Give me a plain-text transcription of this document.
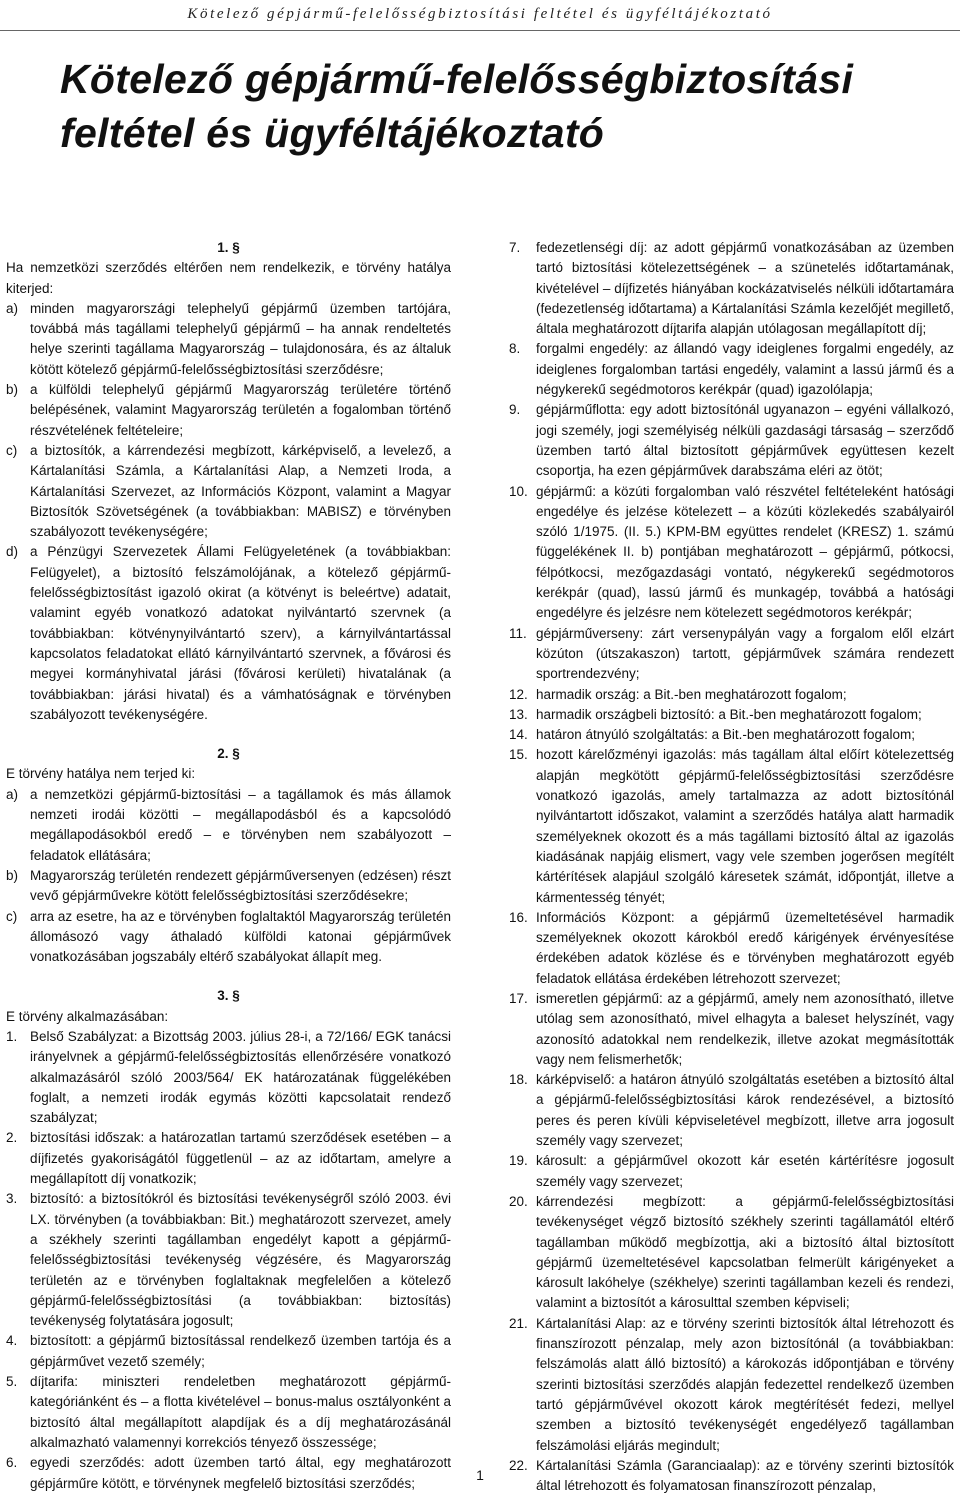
Kötelező gépjármű-felelősségbiztosítási feltétel és ügyféltájékoztató
Kötelező gépjármű-felelősségbiztosítási
feltétel és ügyféltájékoztató

1. §

Ha nemzetközi szerződés eltérően nem rendelkezik, e törvény hatálya kiterjed:

a) minden magyarországi telephelyű gépjármű üzemben tartójára, továbbá más tagállami telephelyű gépjármű – ha annak rendeltetés helye szerinti tagállama Magyarország – tulajdonosára, és az általuk kötött kötelező gépjármű-felelősségbiztosítási szerződésre;
b) a külföldi telephelyű gépjármű Magyarország területére történő belépésének, valamint Magyarország területén a fogalomban történő részvételének feltételeire;
c) a biztosítók, a kárrendezési megbízott, kárképviselő, a levelező, a Kártalanítási Számla, a Kártalanítási Alap, a Nemzeti Iroda, a Kártalanítási Szervezet, az Információs Központ, valamint a Magyar Biztosítók Szövetségének (a továbbiakban: MABISZ) e törvényben szabályozott tevékenységére;
d) a Pénzügyi Szervezetek Állami Felügyeletének (a továbbiakban: Felügyelet), a biztosító felszámolójának, a kötelező gépjármű-felelősségbiztosítást igazoló okirat (a kötvényt is beleértve) adatait, valamint egyéb vonatkozó adatokat nyilvántartó szervnek (a továbbiakban: kötvénynyilvántartó szerv), a kárnyilvántartással kapcsolatos feladatokat ellátó kárnyilvántartó szervnek, a fővárosi és megyei kormányhivatal járási (fővárosi kerületi) hivatalának (a továbbiakban: járási hivatal) és a vámhatóságnak e törvényben szabályozott tevékenységére.

2. §

E törvény hatálya nem terjed ki:

a) a nemzetközi gépjármű-biztosítási – a tagállamok és más államok nemzeti irodái közötti – megállapodásból és a kapcsolódó megállapodásokból eredő – e törvényben nem szabályozott – feladatok ellátására;
b) Magyarország területén rendezett gépjárműversenyen (edzésen) részt vevő gépjárművekre kötött felelősségbiztosítási szerződésekre;
c) arra az esetre, ha az e törvényben foglaltaktól Magyarország területén állomásozó vagy áthaladó külföldi katonai gépjárművek vonatkozásában jogszabály eltérő szabályokat állapít meg.

3. §

E törvény alkalmazásában:

1. Belső Szabályzat: a Bizottság 2003. július 28-i, a 72/166/ EGK tanácsi irányelvnek a gépjármű-felelősségbiztosítás ellenőrzésére vonatkozó alkalmazásáról szóló 2003/564/ EK határozatának függelékében foglalt, a nemzeti irodák egymás közötti kapcsolatait rendező szabályzat;
2. biztosítási időszak: a határozatlan tartamú szerződések esetében – a díjfizetés gyakoriságától függetlenül – az az időtartam, amelyre a megállapított díj vonatkozik;
3. biztosító: a biztosítókról és biztosítási tevékenységről szóló 2003. évi LX. törvényben (a továbbiakban: Bit.) meghatározott szervezet, amely a székhely szerinti tagállamban engedélyt kapott a gépjármű-felelősségbiztosítási tevékenység végzésére, és Magyarország területén az e törvényben foglaltaknak megfelelően a kötelező gépjármű-felelősségbiztosítási (a továbbiakban: biztosítás) tevékenység folytatására jogosult;
4. biztosított: a gépjármű biztosítással rendelkező üzemben tartója és a gépjárművet vezető személy;
5. díjtarifa: miniszteri rendeletben meghatározott gépjármű-kategóriánként és – a flotta kivételével – bonus-malus osztályonként a biztosító által megállapított alapdíjak és a díj meghatározásánál alkalmazható valamennyi korrekciós tényező összessége;
6. egyedi szerződés: adott üzemben tartó által, egy meghatározott gépjárműre kötött, e törvénynek megfelelő biztosítási szerződés;
7.	fedezetlenségi díj: az adott gépjármű vonatkozásában az üzemben tartó biztosítási kötelezettségének – a szünetelés időtartamának, kivételével – díjfizetés hiányában kockázatviselés nélküli időtartamára (fedezetlenség időtartama) a Kártalanítási Számla kezelőjét megillető, általa meghatározott díjtarifa alapján utólagosan megállapított díj;
8.	forgalmi engedély: az állandó vagy ideiglenes forgalmi engedély, az ideiglenes forgalomban tartási engedély, valamint a lassú jármű és a négykerekű segédmotoros kerékpár (quad) igazolólapja;
9.	gépjárműflotta: egy adott biztosítónál ugyanazon – egyéni vállalkozó, jogi személy, jogi személyiség nélküli gazdasági társaság – szerződő üzemben tartó által biztosított gépjárművek együttesen kezelt csoportja, ha ezen gépjárművek darabszáma eléri az ötöt;
10. gépjármű: a közúti forgalomban való részvétel feltételeként hatósági engedélye és jelzése kötelezett – a közúti közlekedés szabályairól szóló 1/1975. (II. 5.) KPM-BM együttes rendelet (KRESZ) 1. számú függelékének II. b) pontjában meghatározott – gépjármű, pótkocsi, félpótkocsi, mezőgazdasági vontató, négykerekű segédmotoros kerékpár (quad), lassú jármű és munkagép, továbbá a hatósági engedélyre és jelzésre nem kötelezett segédmotoros kerékpár;
11. gépjárműverseny: zárt versenypályán vagy a forgalom elől elzárt közúton (útszakaszon) tartott, gépjárművek számára rendezett sportrendezvény;
12. harmadik ország: a Bit.-ben meghatározott fogalom;
13. harmadik országbeli biztosító: a Bit.-ben meghatározott fogalom;
14. határon átnyúló szolgáltatás: a Bit.-ben meghatározott fogalom;
15. hozott kárelőzményi igazolás: más tagállam által előírt kötelezettség alapján megkötött gépjármű-felelősségbiztosítási szerződésre vonatkozó igazolás, amely tartalmazza az adott biztosítónál nyilvántartott időszakot, valamint a szerződés hatálya alatt harmadik személyeknek okozott és a más tagállami biztosító által az igazolás kiadásának napjáig elismert, vagy vele szemben jogerősen megítélt kártérítések alapjául szolgáló káresetek számát, időpontját, illetve a kármentesség tényét;
16. Információs Központ: a gépjármű üzemeltetésével harmadik személyeknek okozott károkból eredő kárigények érvényesítése érdekében adatok közlése és e törvényben meghatározott egyéb feladatok ellátása érdekében létrehozott szervezet;
17. ismeretlen gépjármű: az a gépjármű, amely nem azonosítható, illetve utólag sem azonosítható, mivel elhagyta a baleset helyszínét, vagy azonosító adatokkal nem rendelkezik, illetve azokat megmásították vagy nem felismerhetők;
18. kárképviselő: a határon átnyúló szolgáltatás esetében a biztosító által a gépjármű-felelősségbiztosítási károk rendezésével, a biztosító peres és peren kívüli képviseletével megbízott, illetve arra jogosult személy vagy szervezet;
19. károsult: a gépjárművel okozott kár esetén kártérítésre jogosult személy vagy szervezet;
20. kárrendezési megbízott: a gépjármű-felelősségbiztosítási tevékenységet végző biztosító székhely szerinti tagállamától eltérő tagállamban működő megbízottja, aki a biztosító által biztosított gépjármű üzemeltetésével kapcsolatban felmerült kárigényeket a károsult lakóhelye (székhelye) szerinti tagállamban kezeli és rendezi, valamint a biztosítót a károsulttal szemben képviseli;
21. Kártalanítási Alap: az e törvény szerinti biztosítók által létrehozott és finanszírozott pénzalap, mely azon biztosítónál (a továbbiakban: felszámolás alatt álló biztosító) a károkozás időpontjában e törvény szerinti biztosítási szerződés alapján fedezettel rendelkező üzemben tartó gépjárművével okozott károk megtérítését fedezi, mellyel szemben a biztosító tevékenységét engedélyező tagállamban felszámolási eljárás megindult;
22. Kártalanítási Számla (Garanciaalap): az e törvény szerinti biztosítók által létrehozott és folyamatosan finanszírozott pénzalap,
1
